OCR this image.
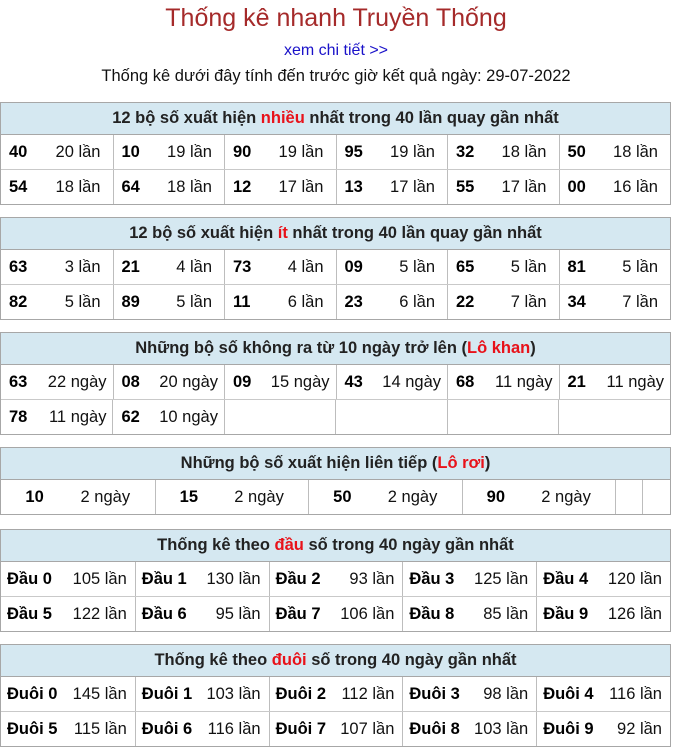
Thống kê nhanh Truyền Thống
xem chi tiết >>
Thống kê dưới đây tính đến trước giờ kết quả ngày: 29-07-2022
12 bộ số xuất hiện nhiều nhất trong 40 lần quay gần nhất
40	20 lần 10	19 lần 90	19 lần 95	19 lần 32	18 lần 50	18 lần
54	18 lần 64	18 lần 12	17 lần 13	17 lần 55	17 lần 00	16 lần
12 bộ số xuất hiện ít nhất trong 40 lần quay gần nhất
63	3 lần 21	4 lần 73	4 lần 09	5 lần 65	5 lần 81	5 lần
82	5 lần 89	5 lần 11	6 lần 23	6 lần 22	7 lần 34	7 lần
Những bộ số không ra từ 10 ngày trở lên (Lô khan)
63	22 ngày 08	20 ngày 09	15 ngày 43	14 ngày 68	11 ngày 21	11 ngày
78	11 ngày 62	10 ngày
Những bộ số xuất hiện liên tiếp (Lô rơi)
10 2 ngày	15 2 ngày	50 2 ngày	90 2 ngày
Thống kê theo đầu số trong 40 ngày gần nhất
Đầu 0 105 lần Đầu 1 130 lần Đầu 2 93 lần Đầu 3 125 lần Đầu 4 120 lần
Đầu 5 122 lần Đầu 6 95 lần Đầu 7 106 lần Đầu 8 85 lần Đầu 9 126 lần
Thống kê theo đuôi số trong 40 ngày gần nhất
Đuôi 0 145 lần Đuôi 1 103 lần Đuôi 2 112 lần Đuôi 3 98 lần Đuôi 4 116 lần
Đuôi 5 115 lần Đuôi 6 116 lần Đuôi 7 107 lần Đuôi 8 103 lần Đuôi 9 92 lần
